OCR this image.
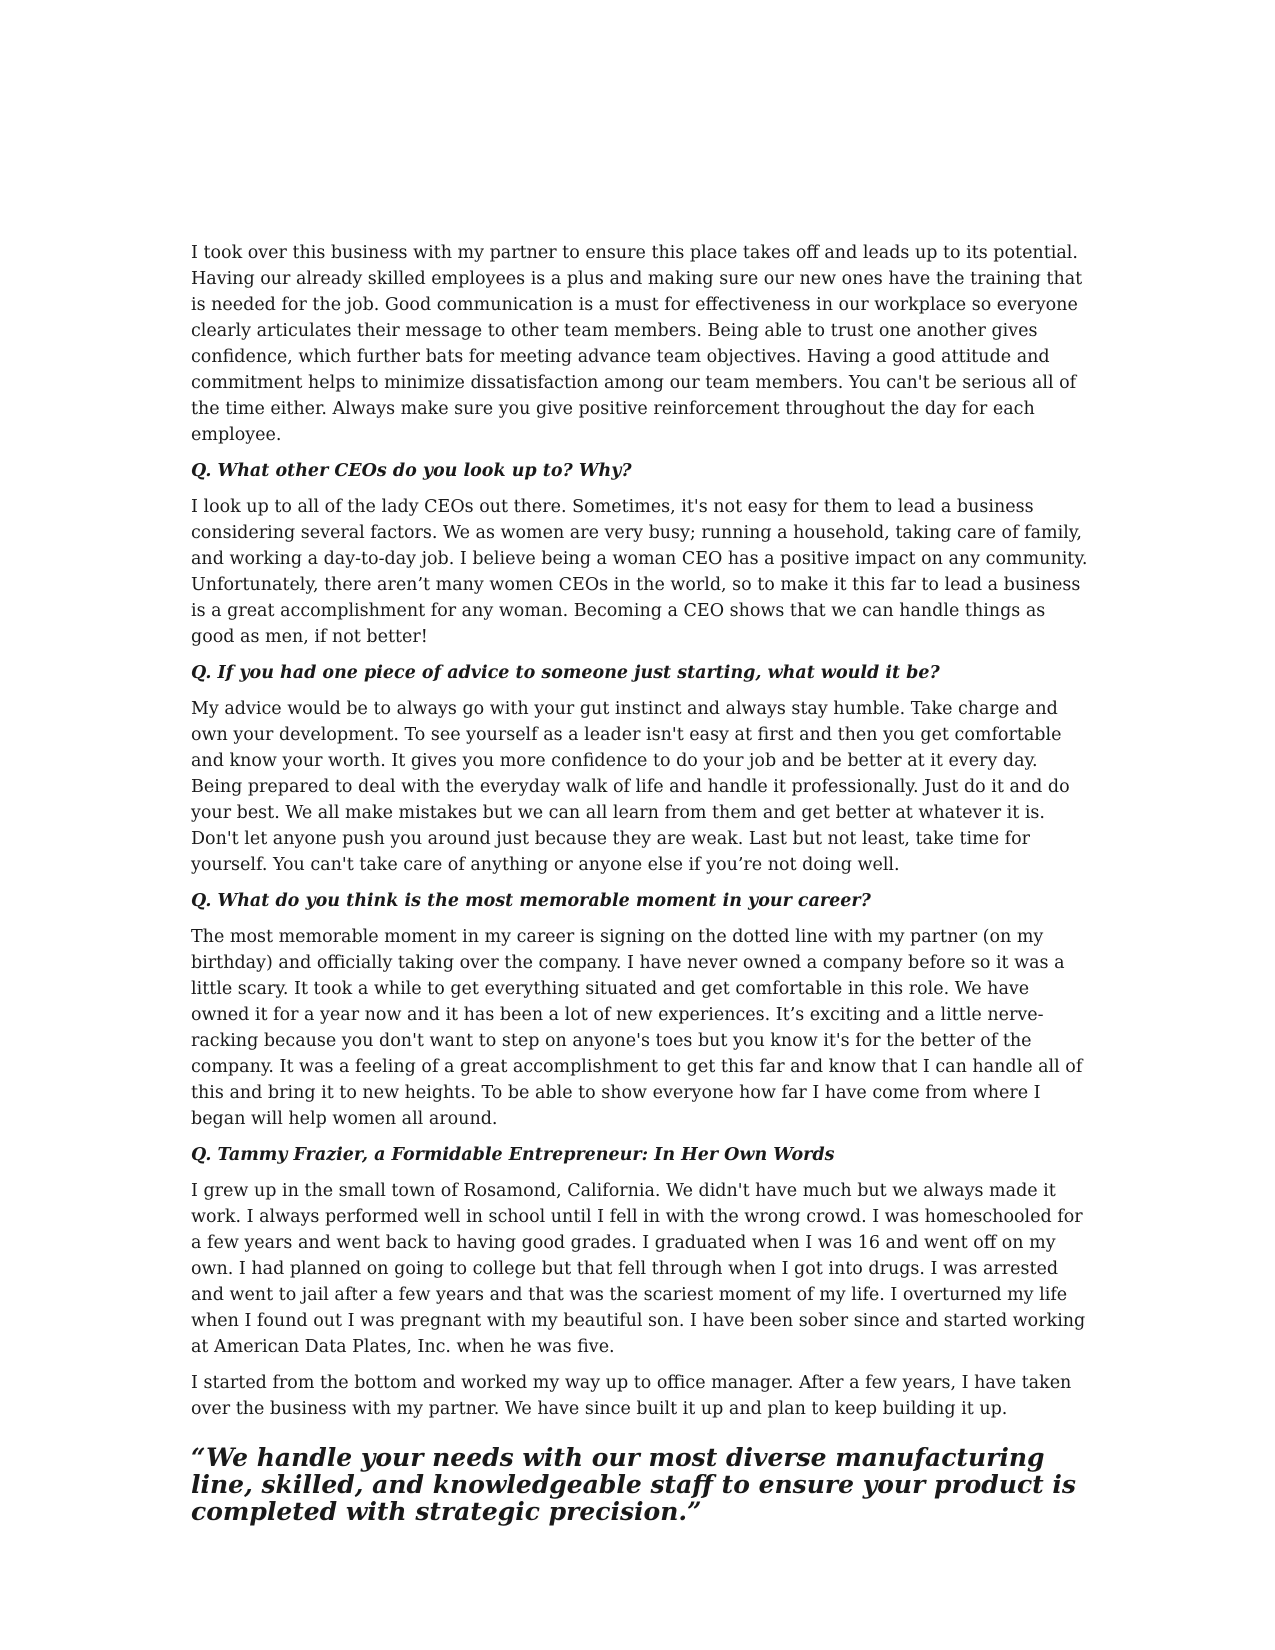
I took over this business with my partner to ensure this place takes off and leads up to its potential. Having our already skilled employees is a plus and making sure our new ones have the training that is needed for the job. Good communication is a must for effectiveness in our workplace so everyone clearly articulates their message to other team members. Being able to trust one another gives confidence, which further bats for meeting advance team objectives. Having a good attitude and commitment helps to minimize dissatisfaction among our team members. You can't be serious all of the time either. Always make sure you give positive reinforcement throughout the day for each employee.

Q. What other CEOs do you look up to? Why?

I look up to all of the lady CEOs out there. Sometimes, it's not easy for them to lead a business considering several factors. We as women are very busy; running a household, taking care of family, and working a day-to-day job. I believe being a woman CEO has a positive impact on any community. Unfortunately, there aren’t many women CEOs in the world, so to make it this far to lead a business is a great accomplishment for any woman. Becoming a CEO shows that we can handle things as good as men, if not better!

Q. If you had one piece of advice to someone just starting, what would it be?

My advice would be to always go with your gut instinct and always stay humble. Take charge and own your development. To see yourself as a leader isn't easy at first and then you get comfortable and know your worth. It gives you more confidence to do your job and be better at it every day. Being prepared to deal with the everyday walk of life and handle it professionally. Just do it and do your best. We all make mistakes but we can all learn from them and get better at whatever it is. Don't let anyone push you around just because they are weak. Last but not least, take time for yourself. You can't take care of anything or anyone else if you’re not doing well.

Q. What do you think is the most memorable moment in your career?

The most memorable moment in my career is signing on the dotted line with my partner (on my birthday) and officially taking over the company. I have never owned a company before so it was a little scary. It took a while to get everything situated and get comfortable in this role. We have owned it for a year now and it has been a lot of new experiences. It’s exciting and a little nerve-racking because you don't want to step on anyone's toes but you know it's for the better of the company. It was a feeling of a great accomplishment to get this far and know that I can handle all of this and bring it to new heights. To be able to show everyone how far I have come from where I began will help women all around.

Q. Tammy Frazier, a Formidable Entrepreneur: In Her Own Words

I grew up in the small town of Rosamond, California. We didn't have much but we always made it work. I always performed well in school until I fell in with the wrong crowd. I was homeschooled for a few years and went back to having good grades. I graduated when I was 16 and went off on my own. I had planned on going to college but that fell through when I got into drugs. I was arrested and went to jail after a few years and that was the scariest moment of my life. I overturned my life when I found out I was pregnant with my beautiful son. I have been sober since and started working at American Data Plates, Inc. when he was five.

I started from the bottom and worked my way up to office manager. After a few years, I have taken over the business with my partner. We have since built it up and plan to keep building it up.

“We handle your needs with our most diverse manufacturing line, skilled, and knowledgeable staff to ensure your product is completed with strategic precision.”
